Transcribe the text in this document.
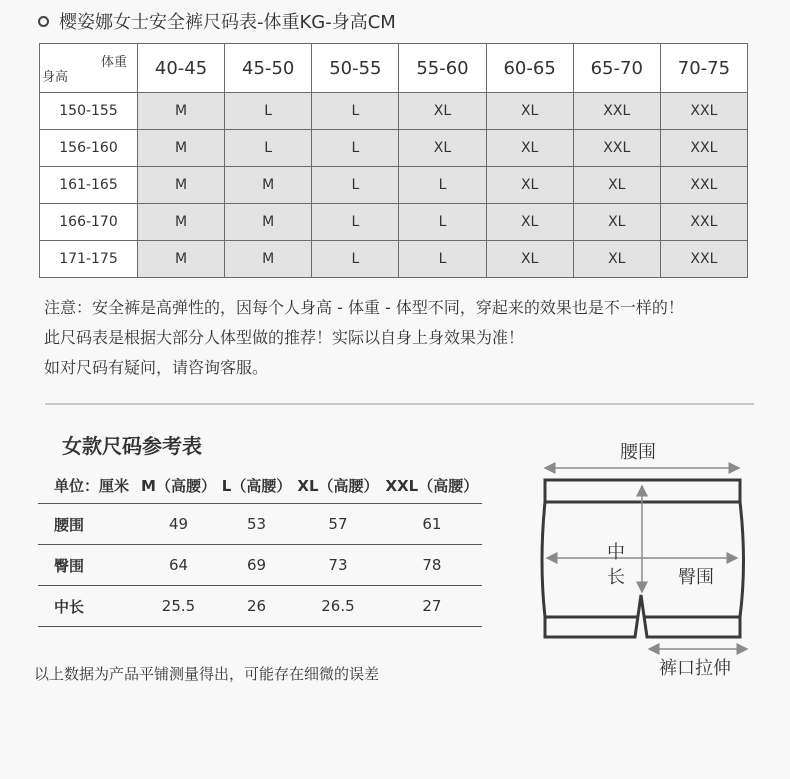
樱姿娜女士安全裤尺码表-体重KG-身高CM
体重
身高	40-45	45-50	50-55	55-60	60-65	65-70	70-75
150-155	M	L	L	XL	XL	XXL	XXL
156-160	M	L	L	XL	XL	XXL	XXL
161-165	M	M	L	L	XL	XL	XXL
166-170	M	M	L	L	XL	XL	XXL
171-175	M	M	L	L	XL	XL	XXL
注意：安全裤是高弹性的，因每个人身高 - 体重 - 体型不同，穿起来的效果也是不一样的！
此尺码表是根据大部分人体型做的推荐！实际以自身上身效果为准！
如对尺码有疑问，请咨询客服。
女款尺码参考表
单位：厘米	M（高腰）	L（高腰）	XL（高腰）	XXL（高腰）
腰围	49	53	57	61
臀围	64	69	73	78
中长	25.5	26	26.5	27
以上数据为产品平铺测量得出，可能存在细微的误差
腰围
中
长	臀围
裤口拉伸
